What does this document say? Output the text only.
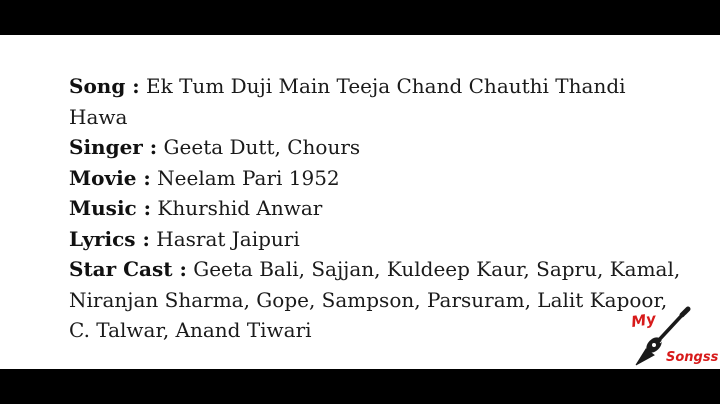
Song : Ek Tum Duji Main Teeja Chand Chauthi Thandi Hawa
Singer : Geeta Dutt, Chours
Movie : Neelam Pari 1952
Music : Khurshid Anwar
Lyrics : Hasrat Jaipuri
Star Cast : Geeta Bali, Sajjan, Kuldeep Kaur, Sapru, Kamal, Niranjan Sharma, Gope, Sampson, Parsuram, Lalit Kapoor, C. Talwar, Anand Tiwari	My
Songss
